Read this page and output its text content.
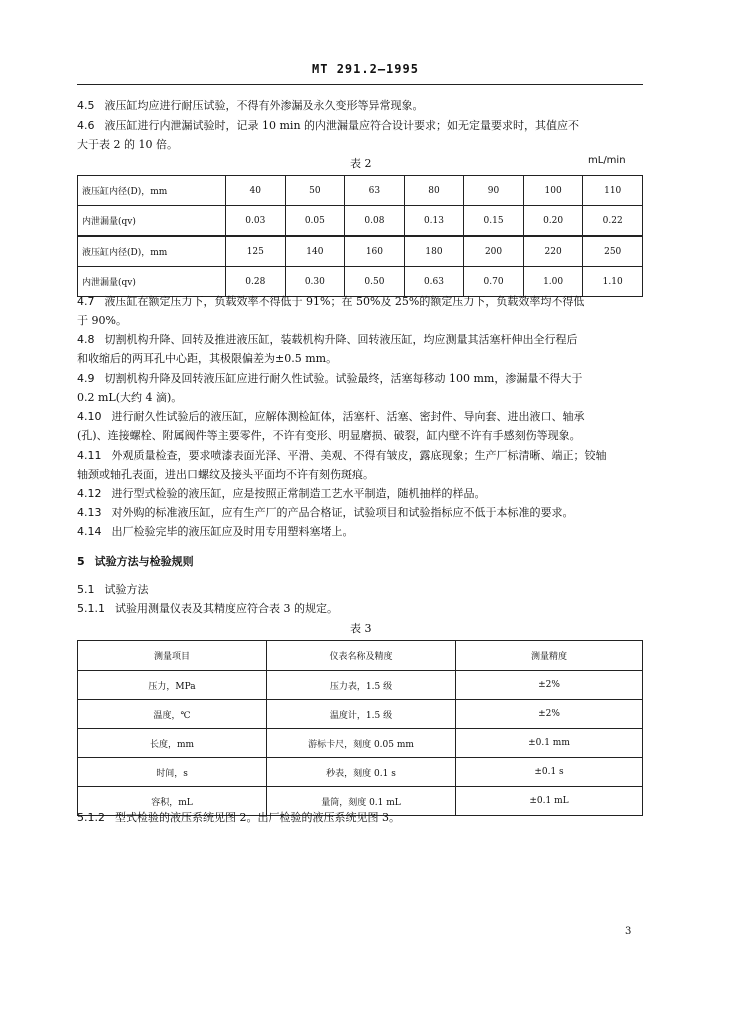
MT 291.2—1995
4.5 液压缸均应进行耐压试验，不得有外渗漏及永久变形等异常现象。
4.6 液压缸进行内泄漏试验时，记录 10 min 的内泄漏量应符合设计要求；如无定量要求时，其值应不
大于表 2 的 10 倍。
表 2	mL/min
液压缸内径(D)，mm	40	50	63	80	90	100	110
内泄漏量(qv)	0.03	0.05	0.08	0.13	0.15	0.20	0.22
液压缸内径(D)，mm	125	140	160	180	200	220	250
内泄漏量(qv)	0.28	0.30	0.50	0.63	0.70	1.00	1.10
4.7 液压缸在额定压力下，负载效率不得低于 91%；在 50%及 25%的额定压力下，负载效率均不得低
于 90%。
4.8 切割机构升降、回转及推进液压缸，装载机构升降、回转液压缸，均应测量其活塞杆伸出全行程后
和收缩后的两耳孔中心距，其极限偏差为±0.5 mm。
4.9 切割机构升降及回转液压缸应进行耐久性试验。试验最终，活塞每移动 100 mm，渗漏量不得大于
0.2 mL(大约 4 滴)。
4.10 进行耐久性试验后的液压缸，应解体测检缸体，活塞杆、活塞、密封件、导向套、进出液口、轴承
(孔)、连接螺栓、附属阀件等主要零件，不许有变形、明显磨损、破裂，缸内壁不许有手感刻伤等现象。
4.11 外观质量检查，要求喷漆表面光泽、平滑、美观、不得有皱皮，露底现象；生产厂标清晰、端正；铰轴
轴颈或轴孔表面，进出口螺纹及接头平面均不许有刻伤斑痕。
4.12 进行型式检验的液压缸，应是按照正常制造工艺水平制造，随机抽样的样品。
4.13 对外购的标准液压缸，应有生产厂的产品合格证，试验项目和试验指标应不低于本标准的要求。
4.14 出厂检验完毕的液压缸应及时用专用塑料塞堵上。
5 试验方法与检验规则
5.1 试验方法
5.1.1 试验用测量仪表及其精度应符合表 3 的规定。
表 3
测量项目	仪表名称及精度	测量精度
压力，MPa	压力表，1.5 级	±2%
温度，℃	温度计，1.5 级	±2%
长度，mm	游标卡尺，刻度 0.05 mm	±0.1 mm
时间，s	秒表，刻度 0.1 s	±0.1 s
容积，mL	量筒，刻度 0.1 mL	±0.1 mL
5.1.2 型式检验的液压系统见图 2。出厂检验的液压系统见图 3。
3
